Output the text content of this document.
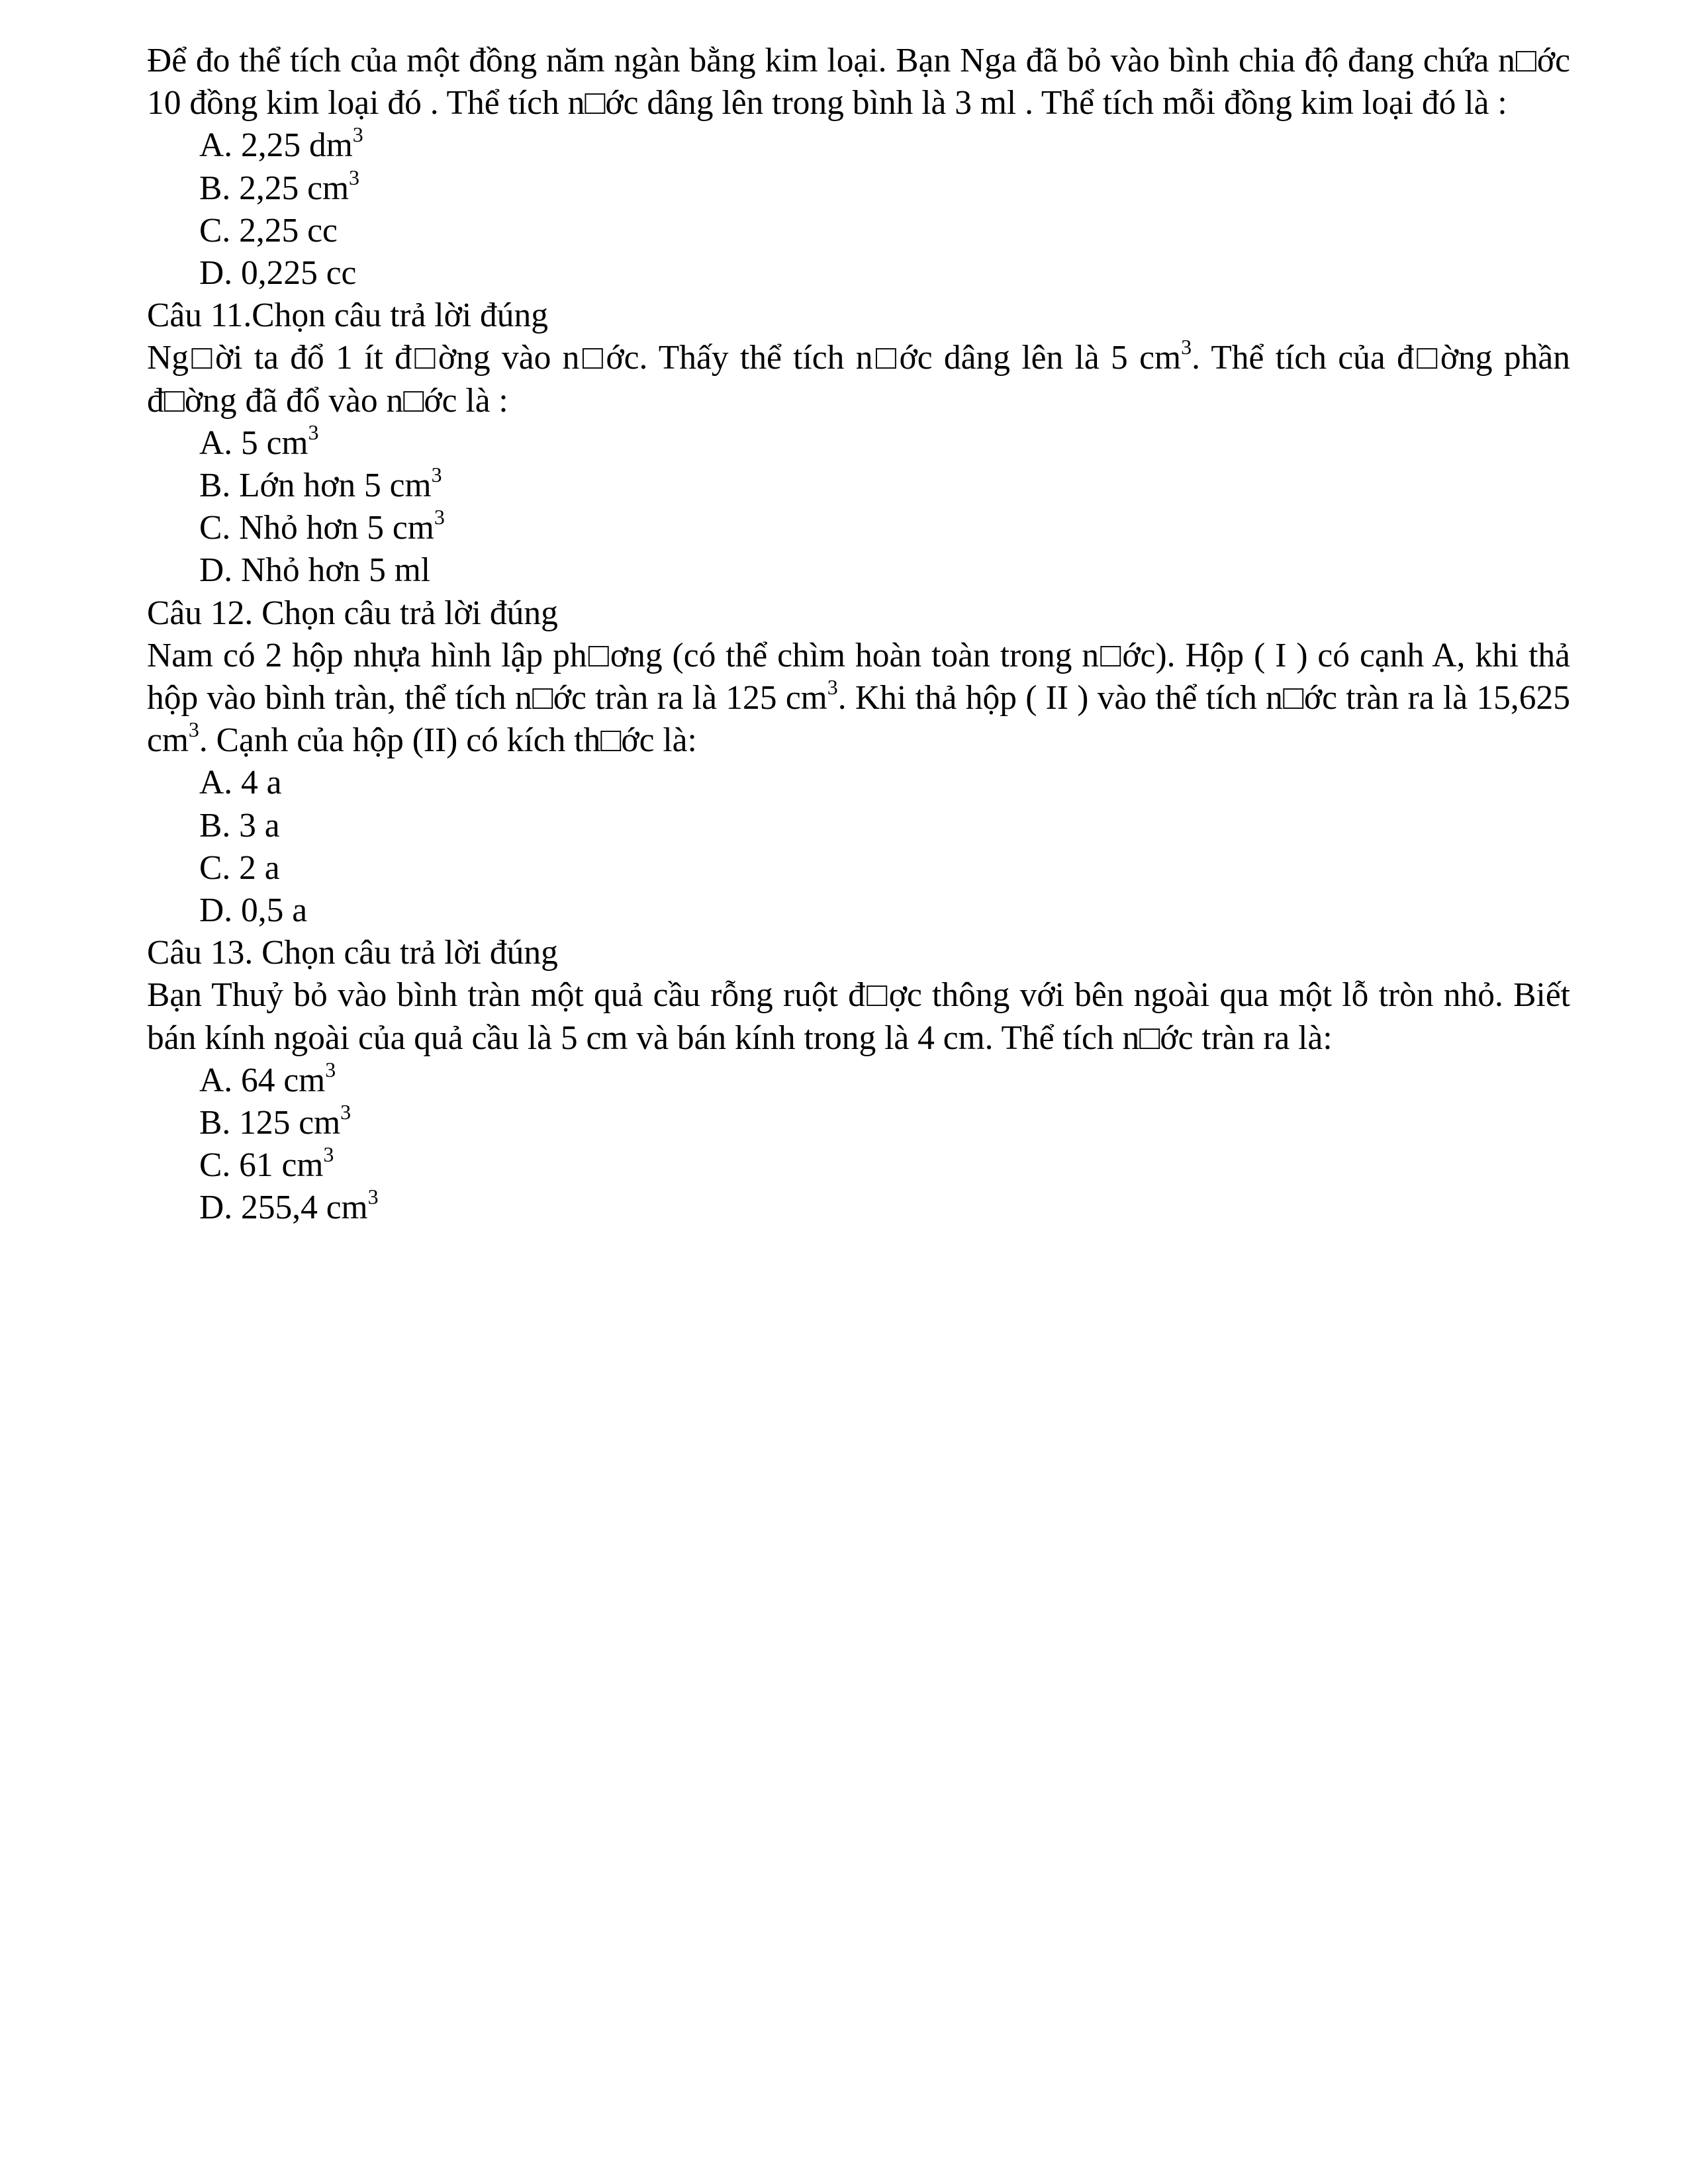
Để đo thể tích của một đồng năm ngàn bằng kim loại. Bạn Nga đã bỏ vào bình chia độ đang chứa n□ớc 10 đồng kim loại đó . Thể tích n□ớc dâng lên trong bình là 3 ml . Thể tích mỗi đồng kim loại đó là :

A. 2,25 $dm^3$

B. 2,25 $cm^3$

C. 2,25 cc

D. 0,225 cc

Câu 11.Chọn câu trả lời đúng

Ng□ời ta đổ 1 ít đ□ờng vào n□ớc. Thấy thể tích n□ớc dâng lên là 5 $cm^3$. Thể tích của đ□ờng phần đ□ờng đã đổ vào n□ớc là :

A. 5 $cm^3$

B. Lớn hơn 5 $cm^3$

C. Nhỏ hơn 5 $cm^3$

D. Nhỏ hơn 5 ml

Câu 12. Chọn câu trả lời đúng

Nam có 2 hộp nhựa hình lập ph□ơng (có thể chìm hoàn toàn trong n□ớc). Hộp ( I ) có cạnh A, khi thả hộp vào bình tràn, thể tích n□ớc tràn ra là 125 $cm^3$. Khi thả hộp ( II ) vào thể tích n□ớc tràn ra là 15,625 $cm^3$. Cạnh của hộp (II) có kích th□ớc là:

A. 4 a

B. 3 a

C. 2 a

D. 0,5 a

Câu 13. Chọn câu trả lời đúng

Bạn Thuỷ bỏ vào bình tràn một quả cầu rỗng ruột đ□ợc thông với bên ngoài qua một lỗ tròn nhỏ. Biết bán kính ngoài của quả cầu là 5 cm và bán kính trong là 4 cm. Thể tích n□ớc tràn ra là:

A. 64 $cm^3$

B. 125 $cm^3$

C. 61 $cm^3$

D. 255,4 $cm^3$
